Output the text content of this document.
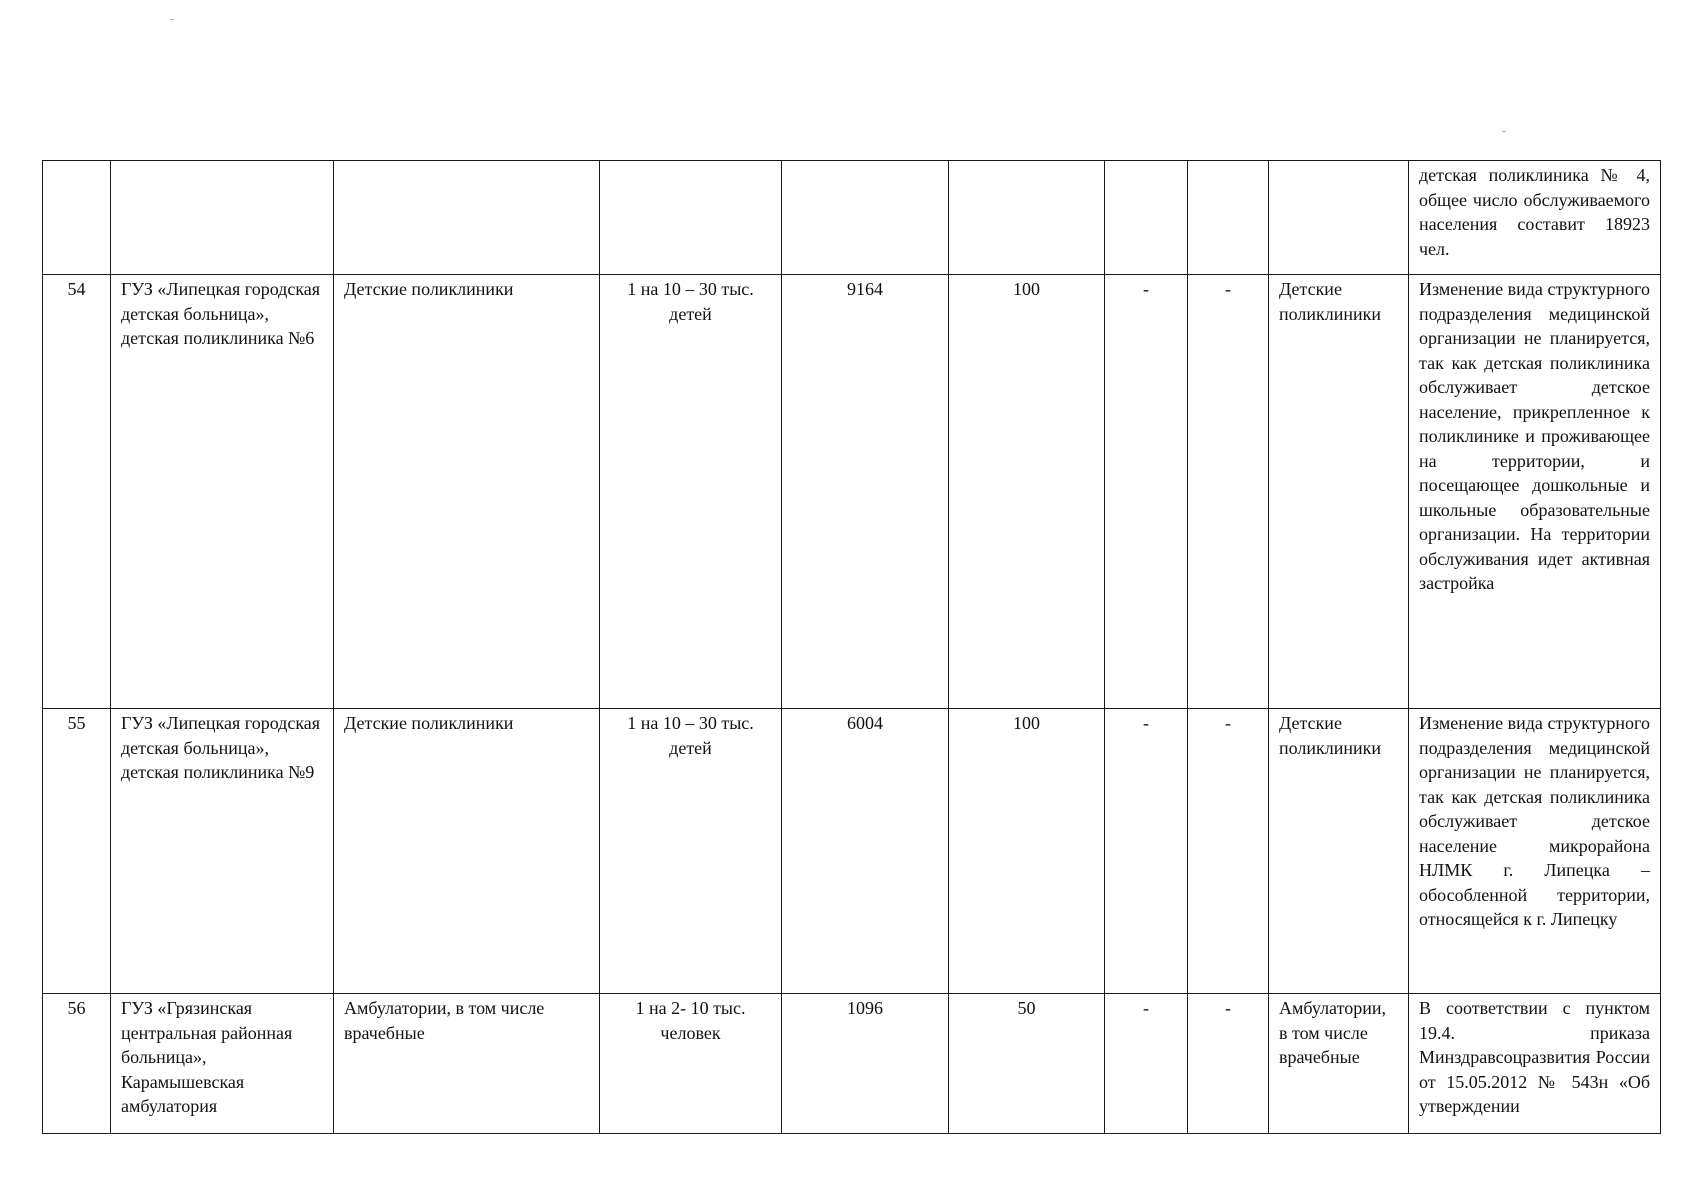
									детская поликлиника № 4, общее число обслуживаемого населения составит 18923 чел.
54	ГУЗ «Липецкая городская детская больница», детская поликлиника №6	Детские поликлиники	1 на 10 – 30 тыс. детей	9164	100	-	-	Детские поликлиники	Изменение вида структурного подразделения медицинской организации не планируется, так как детская поликлиника обслуживает детское население, прикрепленное к поликлинике и проживающее на территории, и посещающее дошкольные и школьные образовательные организации. На территории обслуживания идет активная застройка
55	ГУЗ «Липецкая городская детская больница», детская поликлиника №9	Детские поликлиники	1 на 10 – 30 тыс. детей	6004	100	-	-	Детские поликлиники	Изменение вида структурного подразделения медицинской организации не планируется, так как детская поликлиника обслуживает детское население микрорайона НЛМК г. Липецка – обособленной территории, относящейся к г. Липецку
56	ГУЗ «Грязинская центральная районная больница», Карамышевская амбулатория	Амбулатории, в том числе врачебные	1 на 2- 10 тыс. человек	1096	50	-	-	Амбулатории, в том числе врачебные	В соответствии с пунктом 19.4. приказа Минздравсоцразвития России от 15.05.2012 № 543н «Об утверждении
